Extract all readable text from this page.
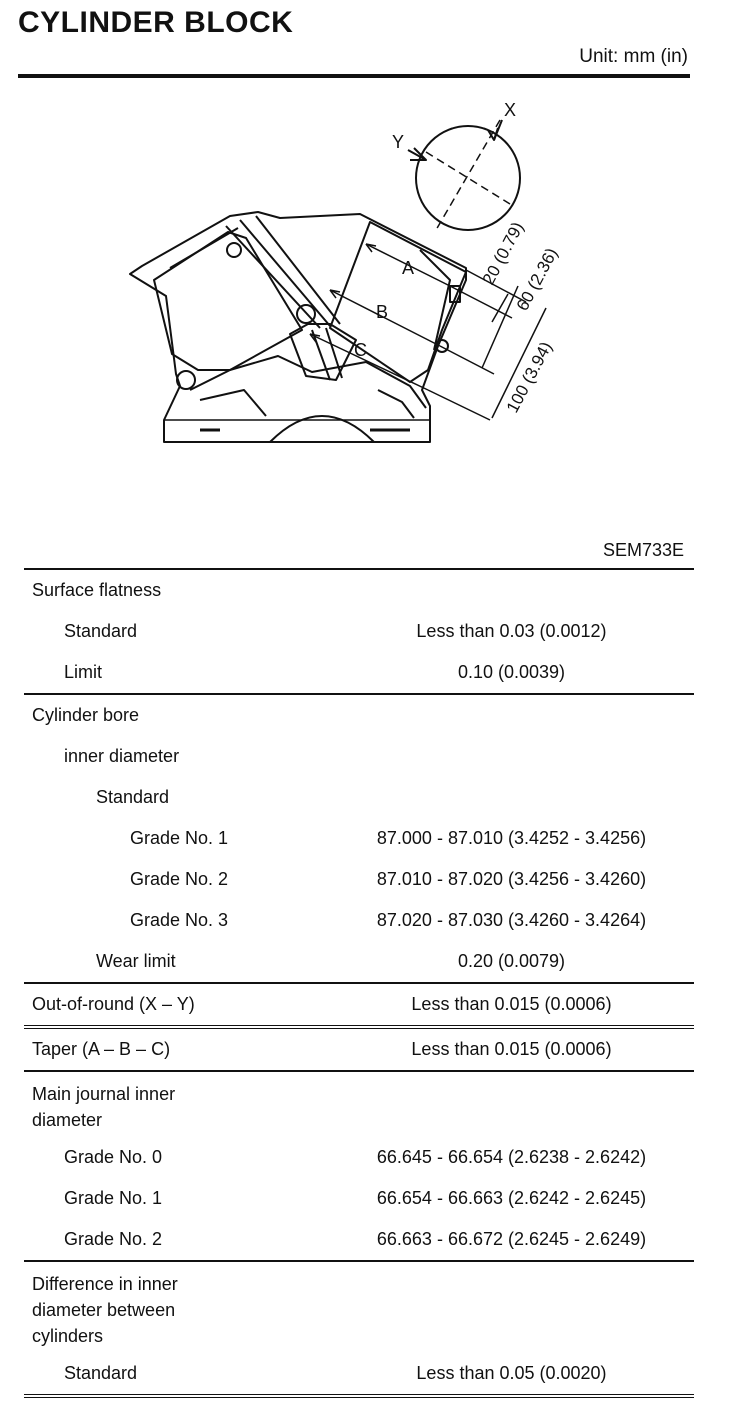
CYLINDER BLOCK
Unit: mm (in)
X
Y
A
B
C
20 (0.79)
60 (2.36)
100 (3.94)
SEM733E
Surface flatness
Standard	Less than 0.03 (0.0012)
Limit	0.10 (0.0039)
Cylinder bore
inner diameter
Standard
Grade No. 1	87.000 - 87.010 (3.4252 - 3.4256)
Grade No. 2	87.010 - 87.020 (3.4256 - 3.4260)
Grade No. 3	87.020 - 87.030 (3.4260 - 3.4264)
Wear limit	0.20 (0.0079)
Out-of-round (X – Y)	Less than 0.015 (0.0006)
Taper (A – B – C)	Less than 0.015 (0.0006)
Main journal inner diameter
Grade No. 0	66.645 - 66.654 (2.6238 - 2.6242)
Grade No. 1	66.654 - 66.663 (2.6242 - 2.6245)
Grade No. 2	66.663 - 66.672 (2.6245 - 2.6249)
Difference in inner diameter between cylinders
Standard	Less than 0.05 (0.0020)
